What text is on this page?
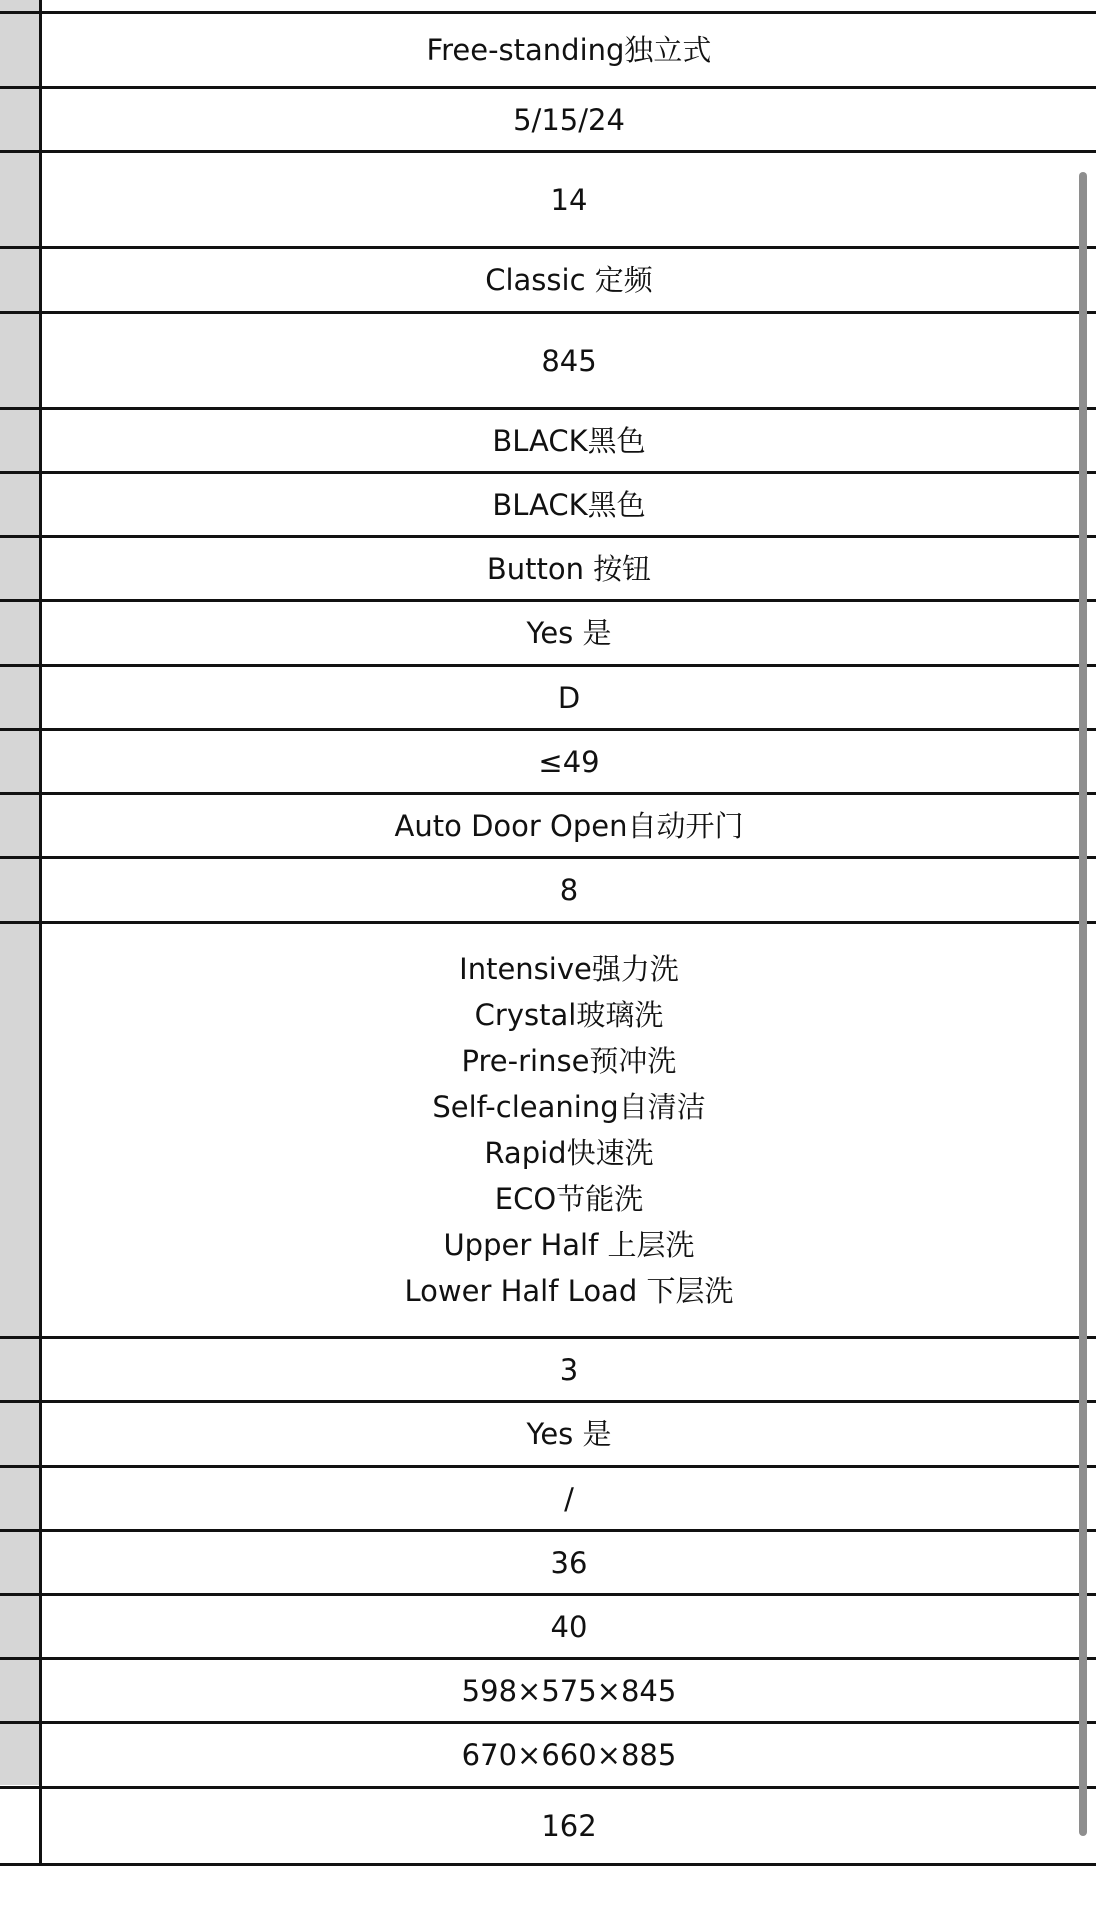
Free-standing独立式
5/15/24
14
Classic 定频
845
BLACK黑色
BLACK黑色
Button 按钮
Yes 是
D
≤49
Auto Door Open自动开门
8
Intensive强力洗
Crystal玻璃洗
Pre-rinse预冲洗
Self-cleaning自清洁
Rapid快速洗
ECO节能洗
Upper Half 上层洗
Lower Half Load 下层洗
3
Yes 是
/
36
40
598×575×845
670×660×885
162
